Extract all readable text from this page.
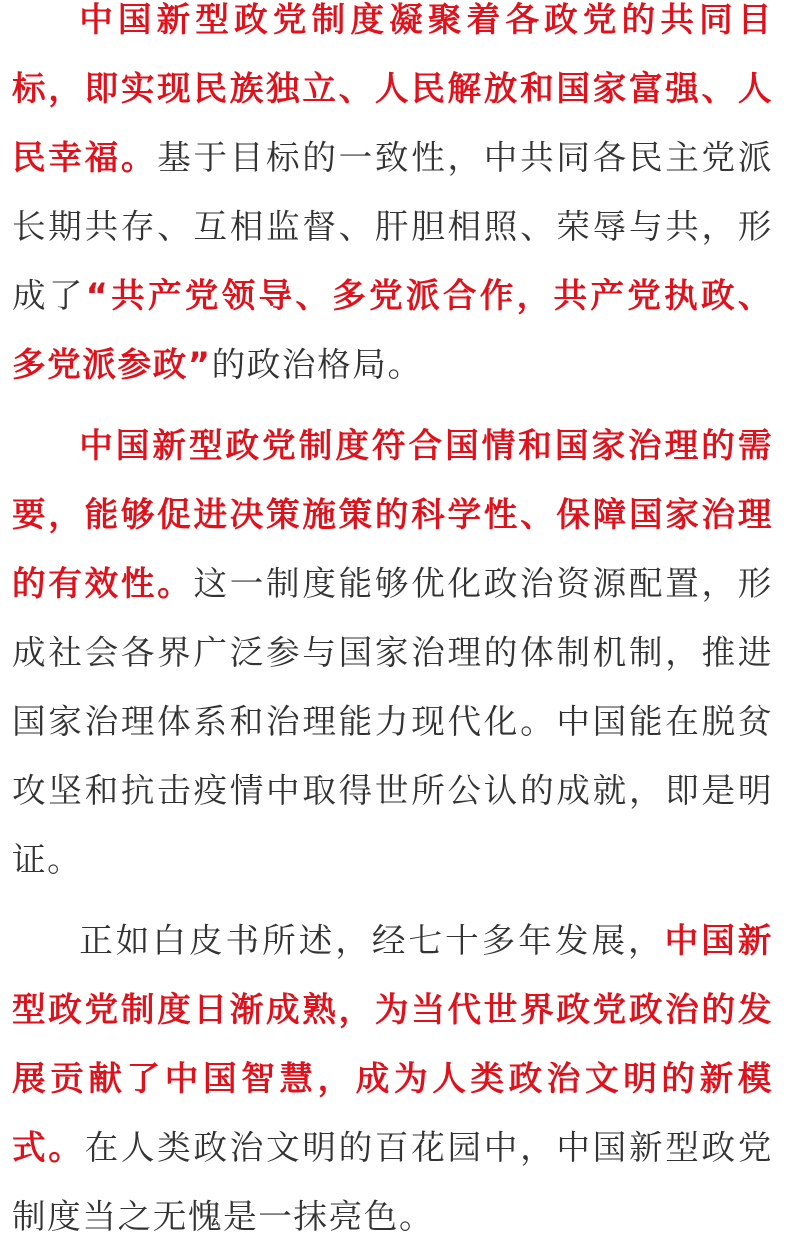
中国新型政党制度凝聚着各政党的共同目标，即实现民族独立、人民解放和国家富强、人民幸福。基于目标的一致性，中共同各民主党派长期共存、互相监督、肝胆相照、荣辱与共，形成了“共产党领导、多党派合作，共产党执政、多党派参政”的政治格局。

中国新型政党制度符合国情和国家治理的需要，能够促进决策施策的科学性、保障国家治理的有效性。这一制度能够优化政治资源配置，形成社会各界广泛参与国家治理的体制机制，推进国家治理体系和治理能力现代化。中国能在脱贫攻坚和抗击疫情中取得世所公认的成就，即是明证。

正如白皮书所述，经七十多年发展，中国新型政党制度日渐成熟，为当代世界政党政治的发展贡献了中国智慧，成为人类政治文明的新模式。在人类政治文明的百花园中，中国新型政党制度当之无愧是一抹亮色。
